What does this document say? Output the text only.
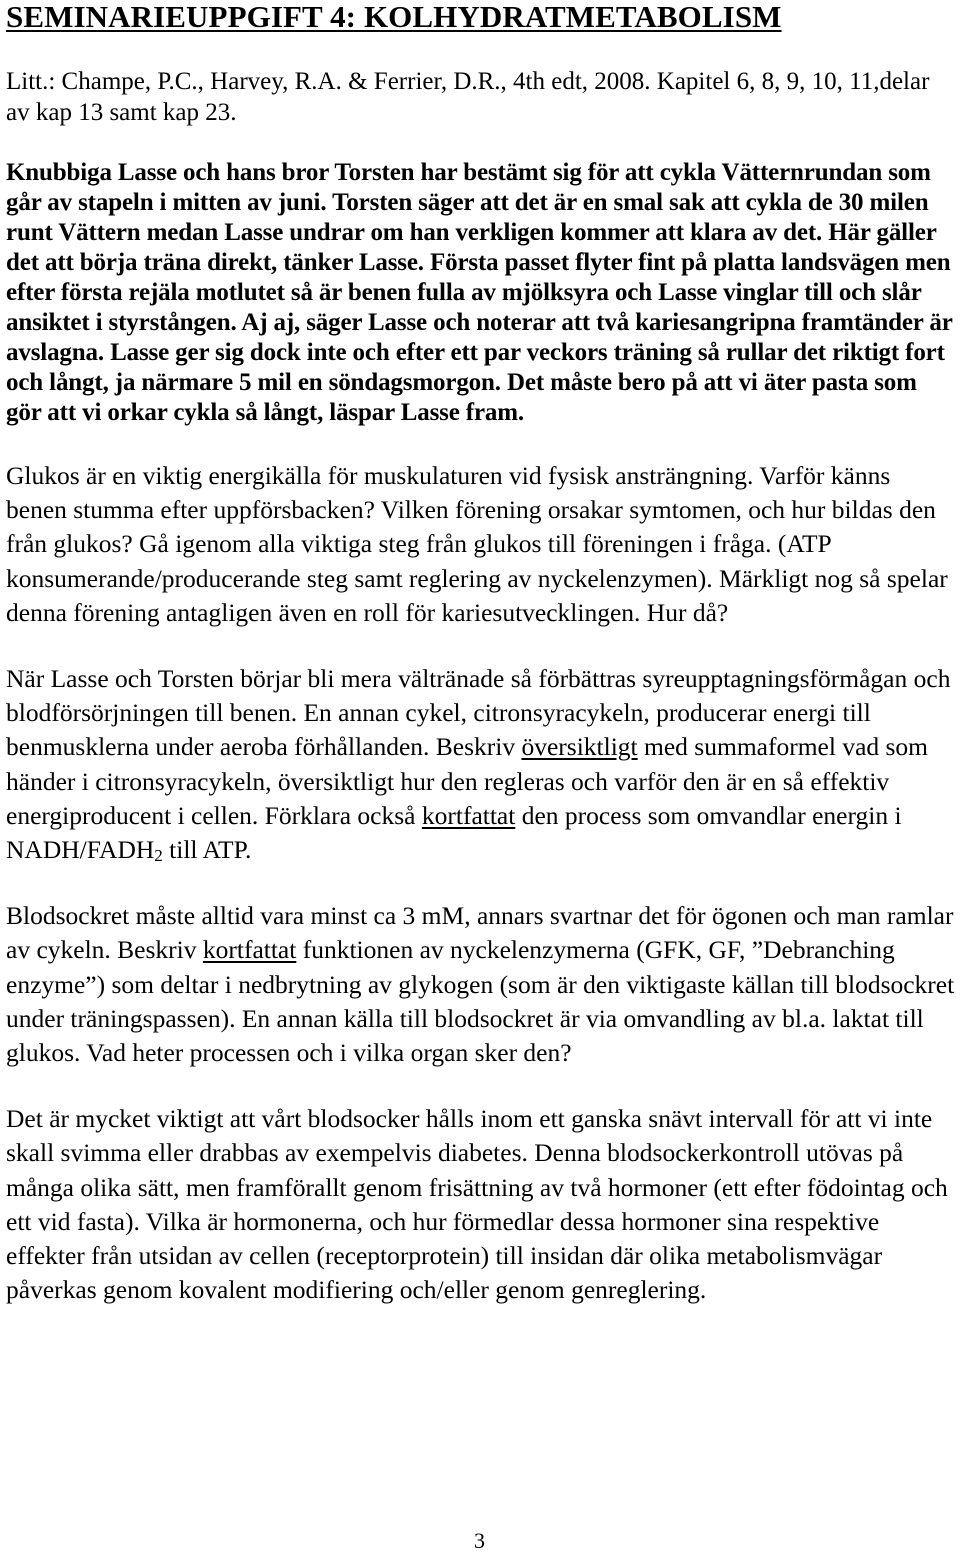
SEMINARIEUPPGIFT 4: KOLHYDRATMETABOLISM
Litt.: Champe, P.C., Harvey, R.A. & Ferrier, D.R., 4th edt, 2008. Kapitel 6, 8, 9, 10, 11,delar av kap 13 samt kap 23.
Knubbiga Lasse och hans bror Torsten har bestämt sig för att cykla Vätternrundan som går av stapeln i mitten av juni. Torsten säger att det är en smal sak att cykla de 30 milen runt Vättern medan Lasse undrar om han verkligen kommer att klara av det. Här gäller det att börja träna direkt, tänker Lasse. Första passet flyter fint på platta landsvägen men efter första rejäla motlutet så är benen fulla av mjölksyra och Lasse vinglar till och slår ansiktet i styrstången. Aj aj, säger Lasse och noterar att två kariesangripna framtänder är avslagna. Lasse ger sig dock inte och efter ett par veckors träning så rullar det riktigt fort och långt, ja närmare 5 mil en söndagsmorgon. Det måste bero på att vi äter pasta som gör att vi orkar cykla så långt, läspar Lasse fram.
Glukos är en viktig energikälla för muskulaturen vid fysisk ansträngning. Varför känns benen stumma efter uppförsbacken? Vilken förening orsakar symtomen, och hur bildas den från glukos? Gå igenom alla viktiga steg från glukos till föreningen i fråga. (ATP konsumerande/producerande steg samt reglering av nyckelenzymen). Märkligt nog så spelar denna förening antagligen även en roll för kariesutvecklingen. Hur då?
När Lasse och Torsten börjar bli mera vältränade så förbättras syreupptagningsförmågan och blodförsörjningen till benen. En annan cykel, citronsyracykeln, producerar energi till benmusklerna under aeroba förhållanden. Beskriv översiktligt med summaformel vad som händer i citronsyracykeln, översiktligt hur den regleras och varför den är en så effektiv energiproducent i cellen. Förklara också kortfattat den process som omvandlar energin i NADH/$FADH_2$ till ATP.
Blodsockret måste alltid vara minst ca 3 mM, annars svartnar det för ögonen och man ramlar av cykeln. Beskriv kortfattat funktionen av nyckelenzymerna (GFK, GF, ”Debranching enzyme”) som deltar i nedbrytning av glykogen (som är den viktigaste källan till blodsockret under träningspassen). En annan källa till blodsockret är via omvandling av bl.a. laktat till glukos. Vad heter processen och i vilka organ sker den?
Det är mycket viktigt att vårt blodsocker hålls inom ett ganska snävt intervall för att vi inte skall svimma eller drabbas av exempelvis diabetes. Denna blodsockerkontroll utövas på många olika sätt, men framförallt genom frisättning av två hormoner (ett efter födointag och ett vid fasta). Vilka är hormonerna, och hur förmedlar dessa hormoner sina respektive effekter från utsidan av cellen (receptorprotein) till insidan där olika metabolismvägar påverkas genom kovalent modifiering och/eller genom genreglering.
3
